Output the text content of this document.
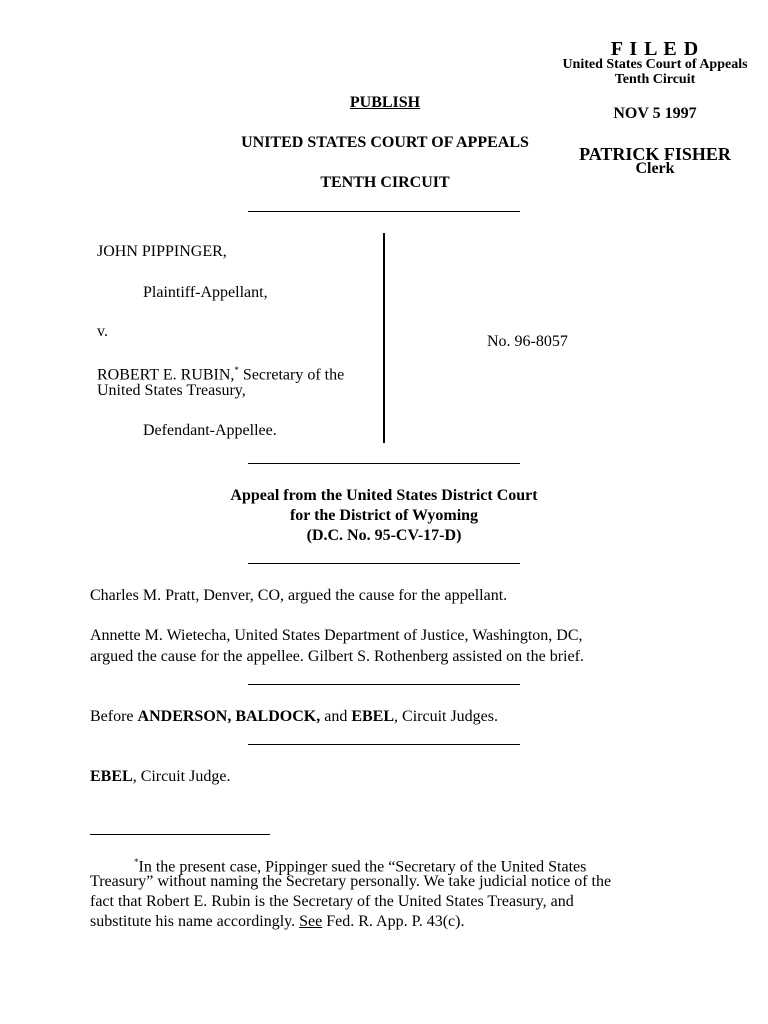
F I L E D
United States Court of Appeals
Tenth Circuit
NOV 5 1997
PATRICK FISHER
Clerk
PUBLISH
UNITED STATES COURT OF APPEALS
TENTH CIRCUIT
JOHN PIPPINGER,
Plaintiff-Appellant,
v.
ROBERT E. RUBIN,* Secretary of the
United States Treasury,
Defendant-Appellee.
No. 96-8057
Appeal from the United States District Court
for the District of Wyoming
(D.C. No. 95-CV-17-D)
Charles M. Pratt, Denver, CO, argued the cause for the appellant.
Annette M. Wietecha, United States Department of Justice, Washington, DC,
argued the cause for the appellee. Gilbert S. Rothenberg assisted on the brief.
Before ANDERSON, BALDOCK, and EBEL, Circuit Judges.
EBEL, Circuit Judge.
*In the present case, Pippinger sued the “Secretary of the United States
Treasury” without naming the Secretary personally. We take judicial notice of the
fact that Robert E. Rubin is the Secretary of the United States Treasury, and
substitute his name accordingly. See Fed. R. App. P. 43(c).
